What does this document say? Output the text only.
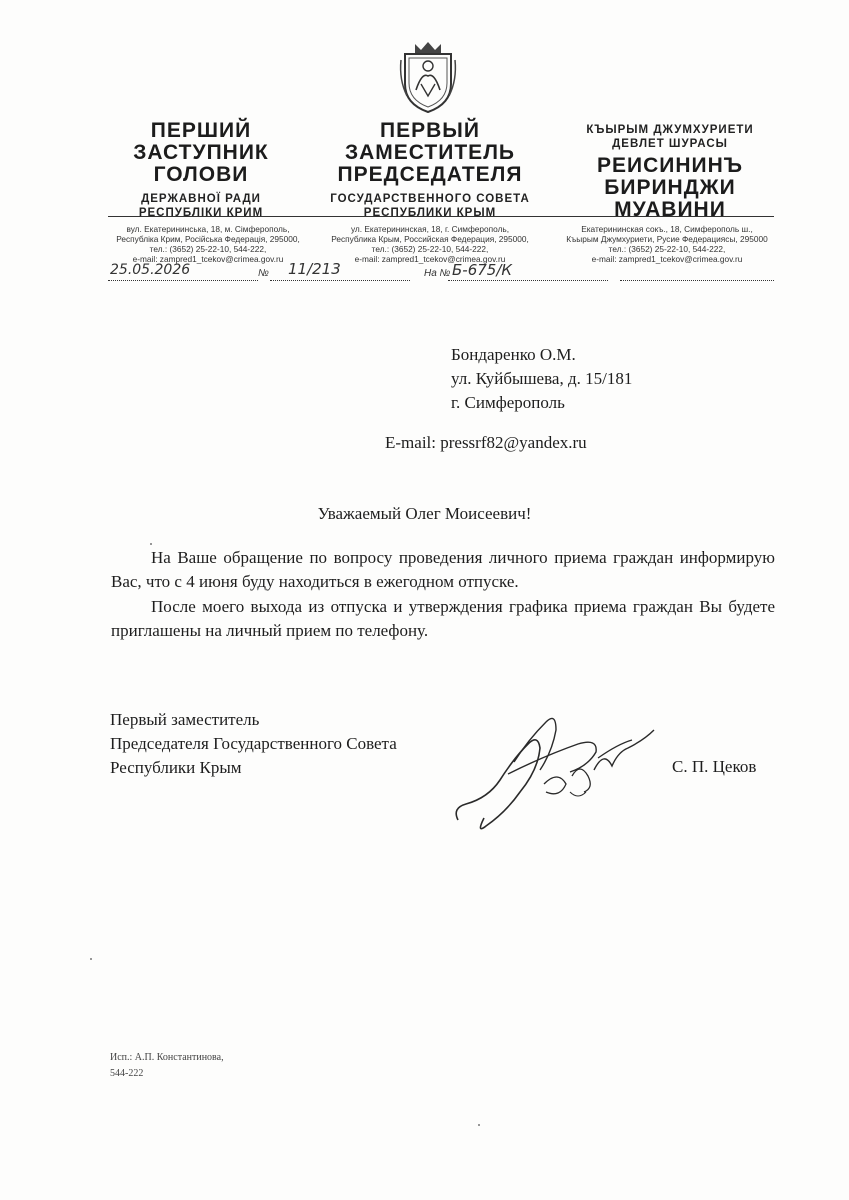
ПЕРШИЙ
ЗАСТУПНИК
ГОЛОВИ
ДЕРЖАВНОЇ РАДИ
РЕСПУБЛІКИ КРИМ
ПЕРВЫЙ
ЗАМЕСТИТЕЛЬ
ПРЕДСЕДАТЕЛЯ
ГОСУДАРСТВЕННОГО СОВЕТА
РЕСПУБЛИКИ КРЫМ
КЪЫРЫМ ДЖУМХУРИЕТИ
ДЕВЛЕТ ШУРАСЫ
РЕИСИНИНЪ
БИРИНДЖИ
МУАВИНИ
вул. Екатерининська, 18, м. Сімферополь,
Республіка Крим, Російська Федерація, 295000,
тел.: (3652) 25-22-10, 544-222,
e-mail: zampred1_tcekov@crimea.gov.ru
ул. Екатерининская, 18, г. Симферополь,
Республика Крым, Российская Федерация, 295000,
тел.: (3652) 25-22-10, 544-222,
e-mail: zampred1_tcekov@crimea.gov.ru
Екатерининская сокъ., 18, Симферополь ш.,
Къырым Джумхуриети, Русие Федерациясы, 295000
тел.: (3652) 25-22-10, 544-222,
e-mail: zampred1_tcekov@crimea.gov.ru
25.05.2026	№ 11/213	На № Б-675/К
Бондаренко О.М.
ул. Куйбышева, д. 15/181
г. Симферополь
E-mail: pressrf82@yandex.ru
Уважаемый Олег Моисеевич!

На Ваше обращение по вопросу проведения личного приема граждан информирую Вас, что с 4 июня буду находиться в ежегодном отпуске.

После моего выхода из отпуска и утверждения графика приема граждан Вы будете приглашены на личный прием по телефону.

Первый заместитель
Председателя Государственного Совета
Республики Крым	С. П. Цеков
Исп.: А.П. Константинова,
544-222
